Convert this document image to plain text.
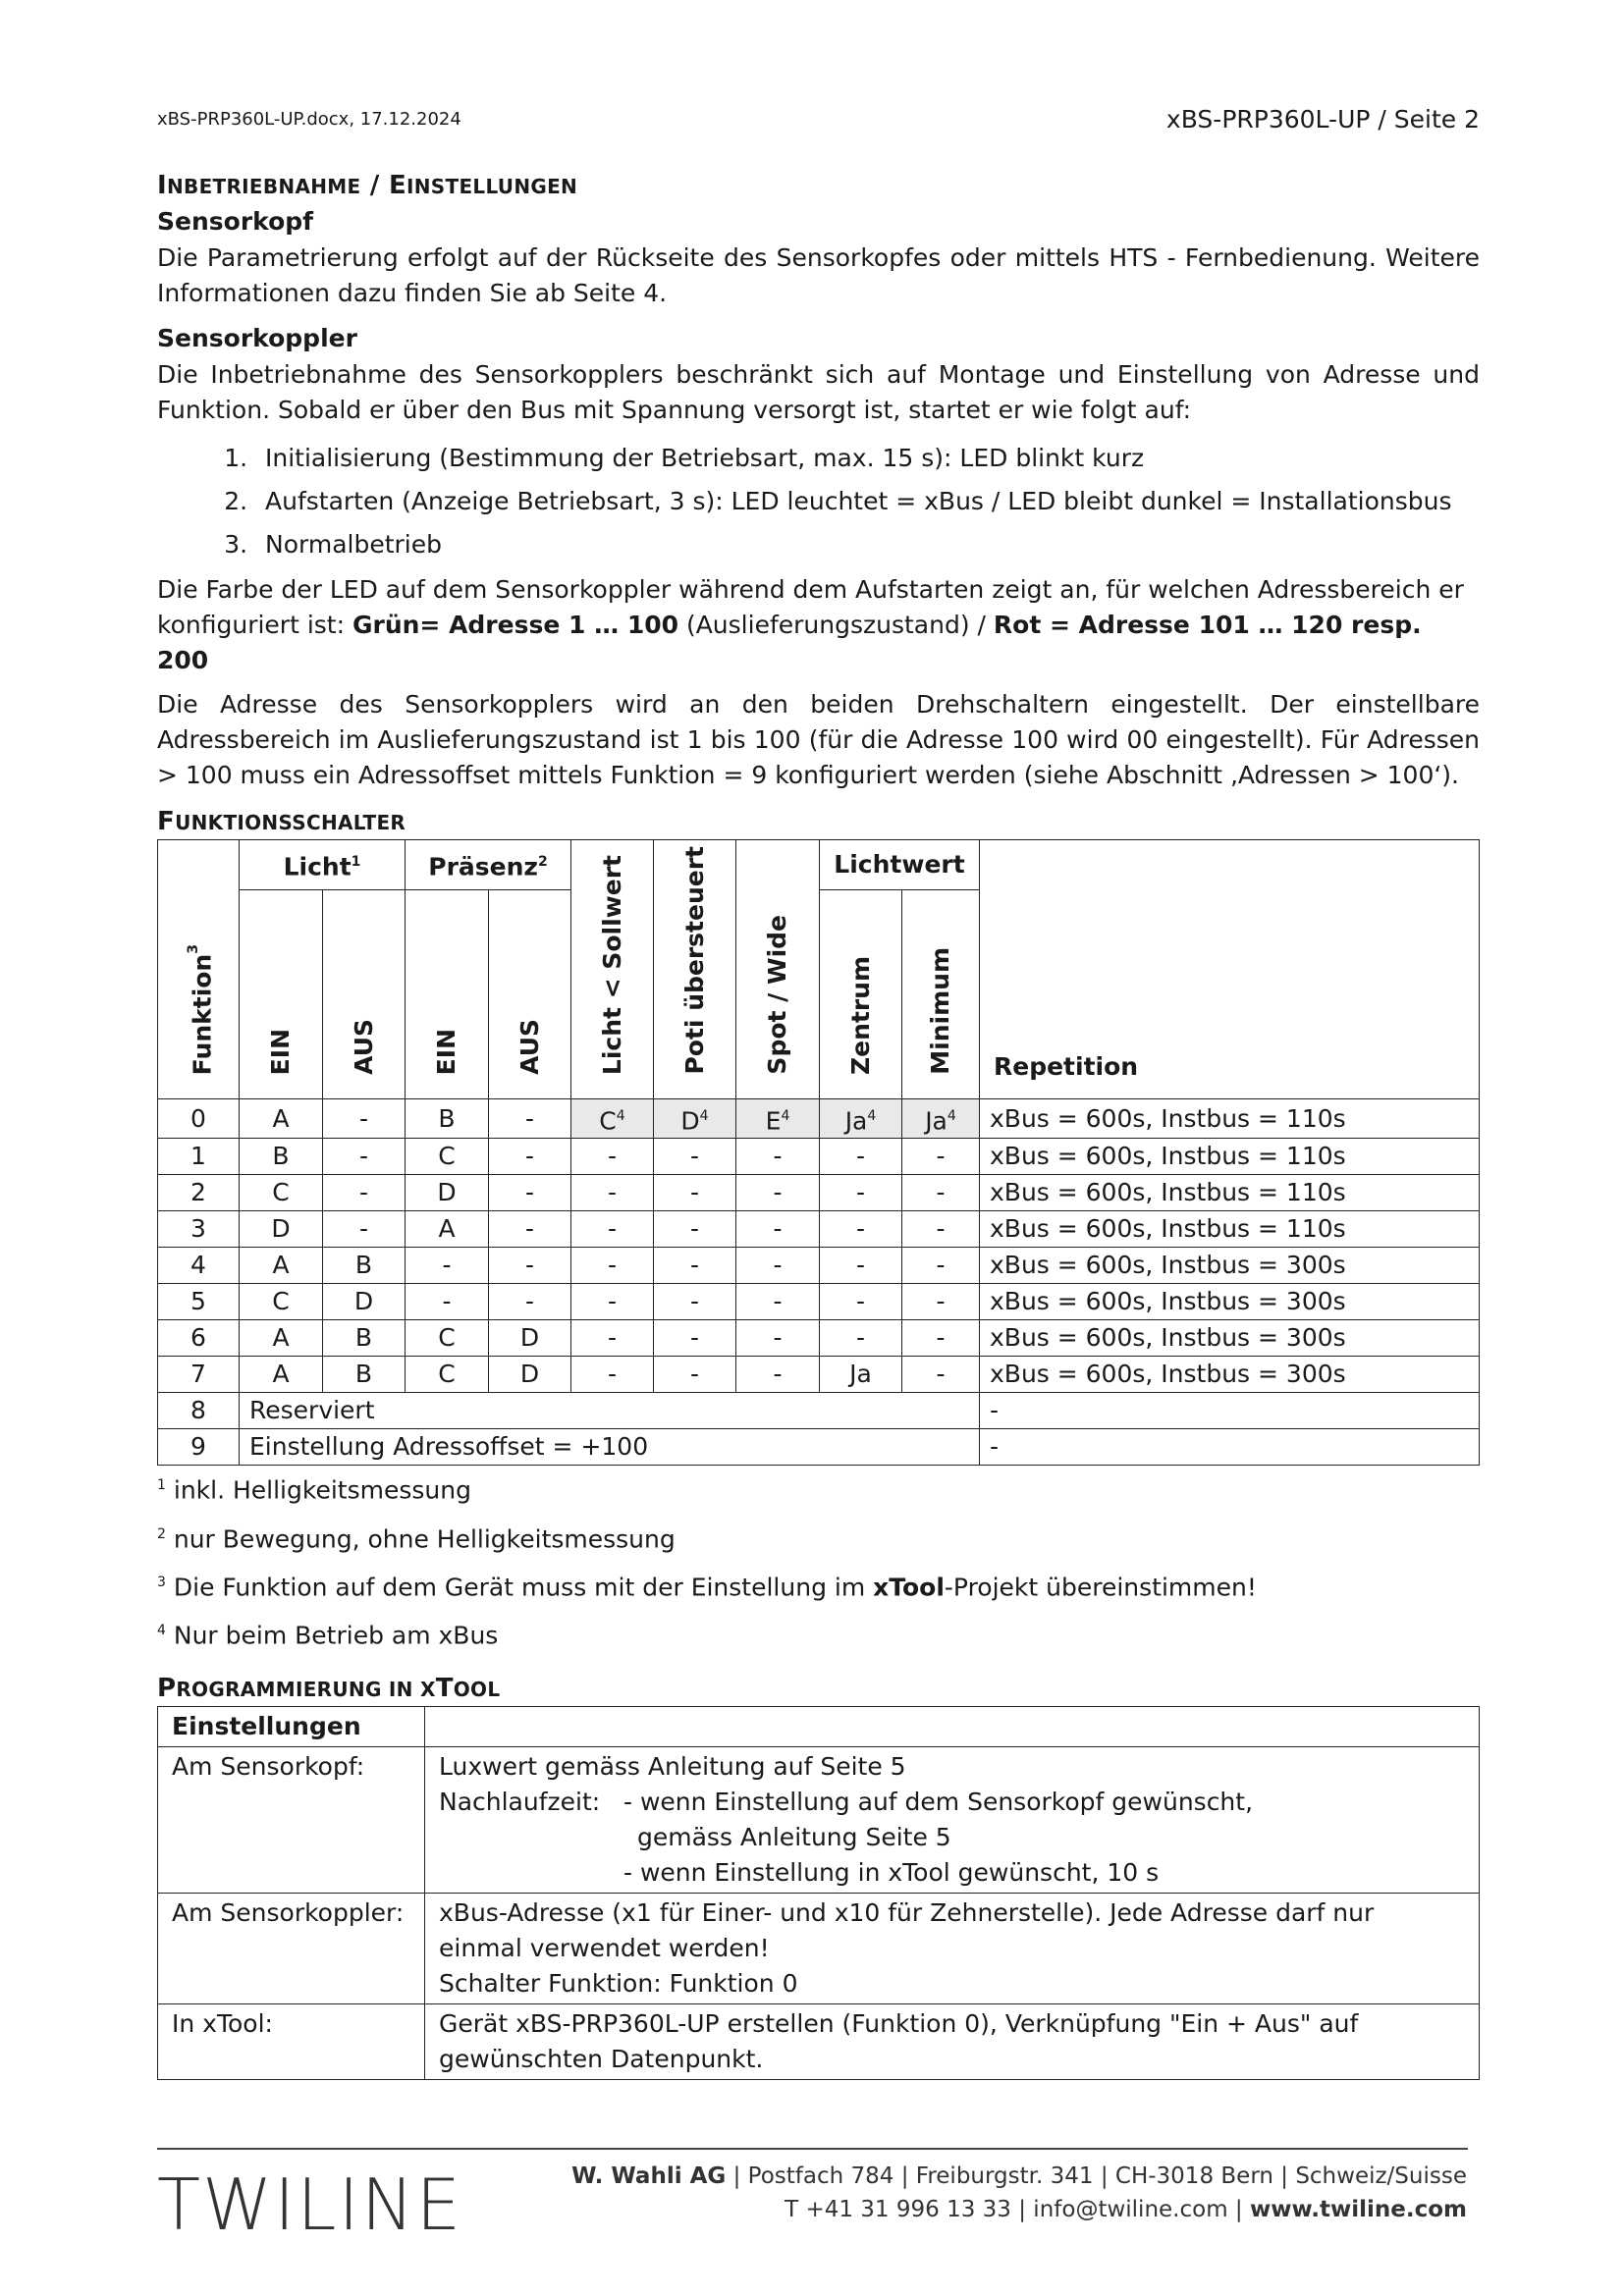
xBS-PRP360L-UP.docx, 17.12.2024	xBS-PRP360L-UP / Seite 2
INBETRIEBNAHME / EINSTELLUNGEN
Sensorkopf

Die Parametrierung erfolgt auf der Rückseite des Sensorkopfes oder mittels HTS - Fernbedienung. Weitere Informationen dazu finden Sie ab Seite 4.

Sensorkoppler

Die Inbetriebnahme des Sensorkopplers beschränkt sich auf Montage und Einstellung von Adresse und Funktion. Sobald er über den Bus mit Spannung versorgt ist, startet er wie folgt auf:

1. Initialisierung (Bestimmung der Betriebsart, max. 15 s): LED blinkt kurz
2. Aufstarten (Anzeige Betriebsart, 3 s): LED leuchtet = xBus / LED bleibt dunkel = Installationsbus
3. Normalbetrieb

Die Farbe der LED auf dem Sensorkoppler während dem Aufstarten zeigt an, für welchen Adressbereich er konfiguriert ist: Grün= Adresse 1 … 100 (Auslieferungszustand) / Rot = Adresse 101 … 120 resp. 200

Die Adresse des Sensorkopplers wird an den beiden Drehschaltern eingestellt. Der einstellbare Adressbereich im Auslieferungszustand ist 1 bis 100 (für die Adresse 100 wird 00 eingestellt). Für Adressen > 100 muss ein Adressoffset mittels Funktion = 9 konfiguriert werden (siehe Abschnitt ‚Adressen > 100‘).

FUNKTIONSSCHALTER
Funktion$^3$	Licht$^1$		Präsenz$^2$		Licht < Sollwert	Poti übersteuert	Spot / Wide	Lichtwert		Repetition
	EIN	AUS	EIN	AUS				Zentrum	Minimum	
0	A	-	B	-	$C^4$	$D^4$	$E^4$	Ja$^4$	Ja$^4$	xBus = 600s, Instbus = 110s
1	B	-	C	-	-	-	-	-	-	xBus = 600s, Instbus = 110s
2	C	-	D	-	-	-	-	-	-	xBus = 600s, Instbus = 110s
3	D	-	A	-	-	-	-	-	-	xBus = 600s, Instbus = 110s
4	A	B	-	-	-	-	-	-	-	xBus = 600s, Instbus = 300s
5	C	D	-	-	-	-	-	-	-	xBus = 600s, Instbus = 300s
6	A	B	C	D	-	-	-	-	-	xBus = 600s, Instbus = 300s
7	A	B	C	D	-	-	-	Ja	-	xBus = 600s, Instbus = 300s
8	Reserviert									-
9	Einstellung Adressoffset = +100									-

$^1$ inkl. Helligkeitsmessung

$^2$ nur Bewegung, ohne Helligkeitsmessung

$^3$ Die Funktion auf dem Gerät muss mit der Einstellung im xTool-Projekt übereinstimmen!

$^4$ Nur beim Betrieb am xBus

PROGRAMMIERUNG IN XTOOL
Einstellungen	
Am Sensorkopf:	Luxwert gemäss Anleitung auf Seite 5
Nachlaufzeit: - wenn Einstellung auf dem Sensorkopf gewünscht,
gemäss Anleitung Seite 5
- wenn Einstellung in xTool gewünscht, 10 s

Am Sensorkoppler:	xBus-Adresse (x1 für Einer- und x10 für Zehnerstelle). Jede Adresse darf nur
einmal verwendet werden!
Schalter Funktion: Funktion 0

In xTool:	Gerät xBS-PRP360L-UP erstellen (Funktion 0), Verknüpfung "Ein + Aus" auf
gewünschten Datenpunkt.
TWILINE	W. Wahli AG | Postfach 784 | Freiburgstr. 341 | CH-3018 Bern | Schweiz/Suisse
T +41 31 996 13 33 | info@twiline.com | www.twiline.com
